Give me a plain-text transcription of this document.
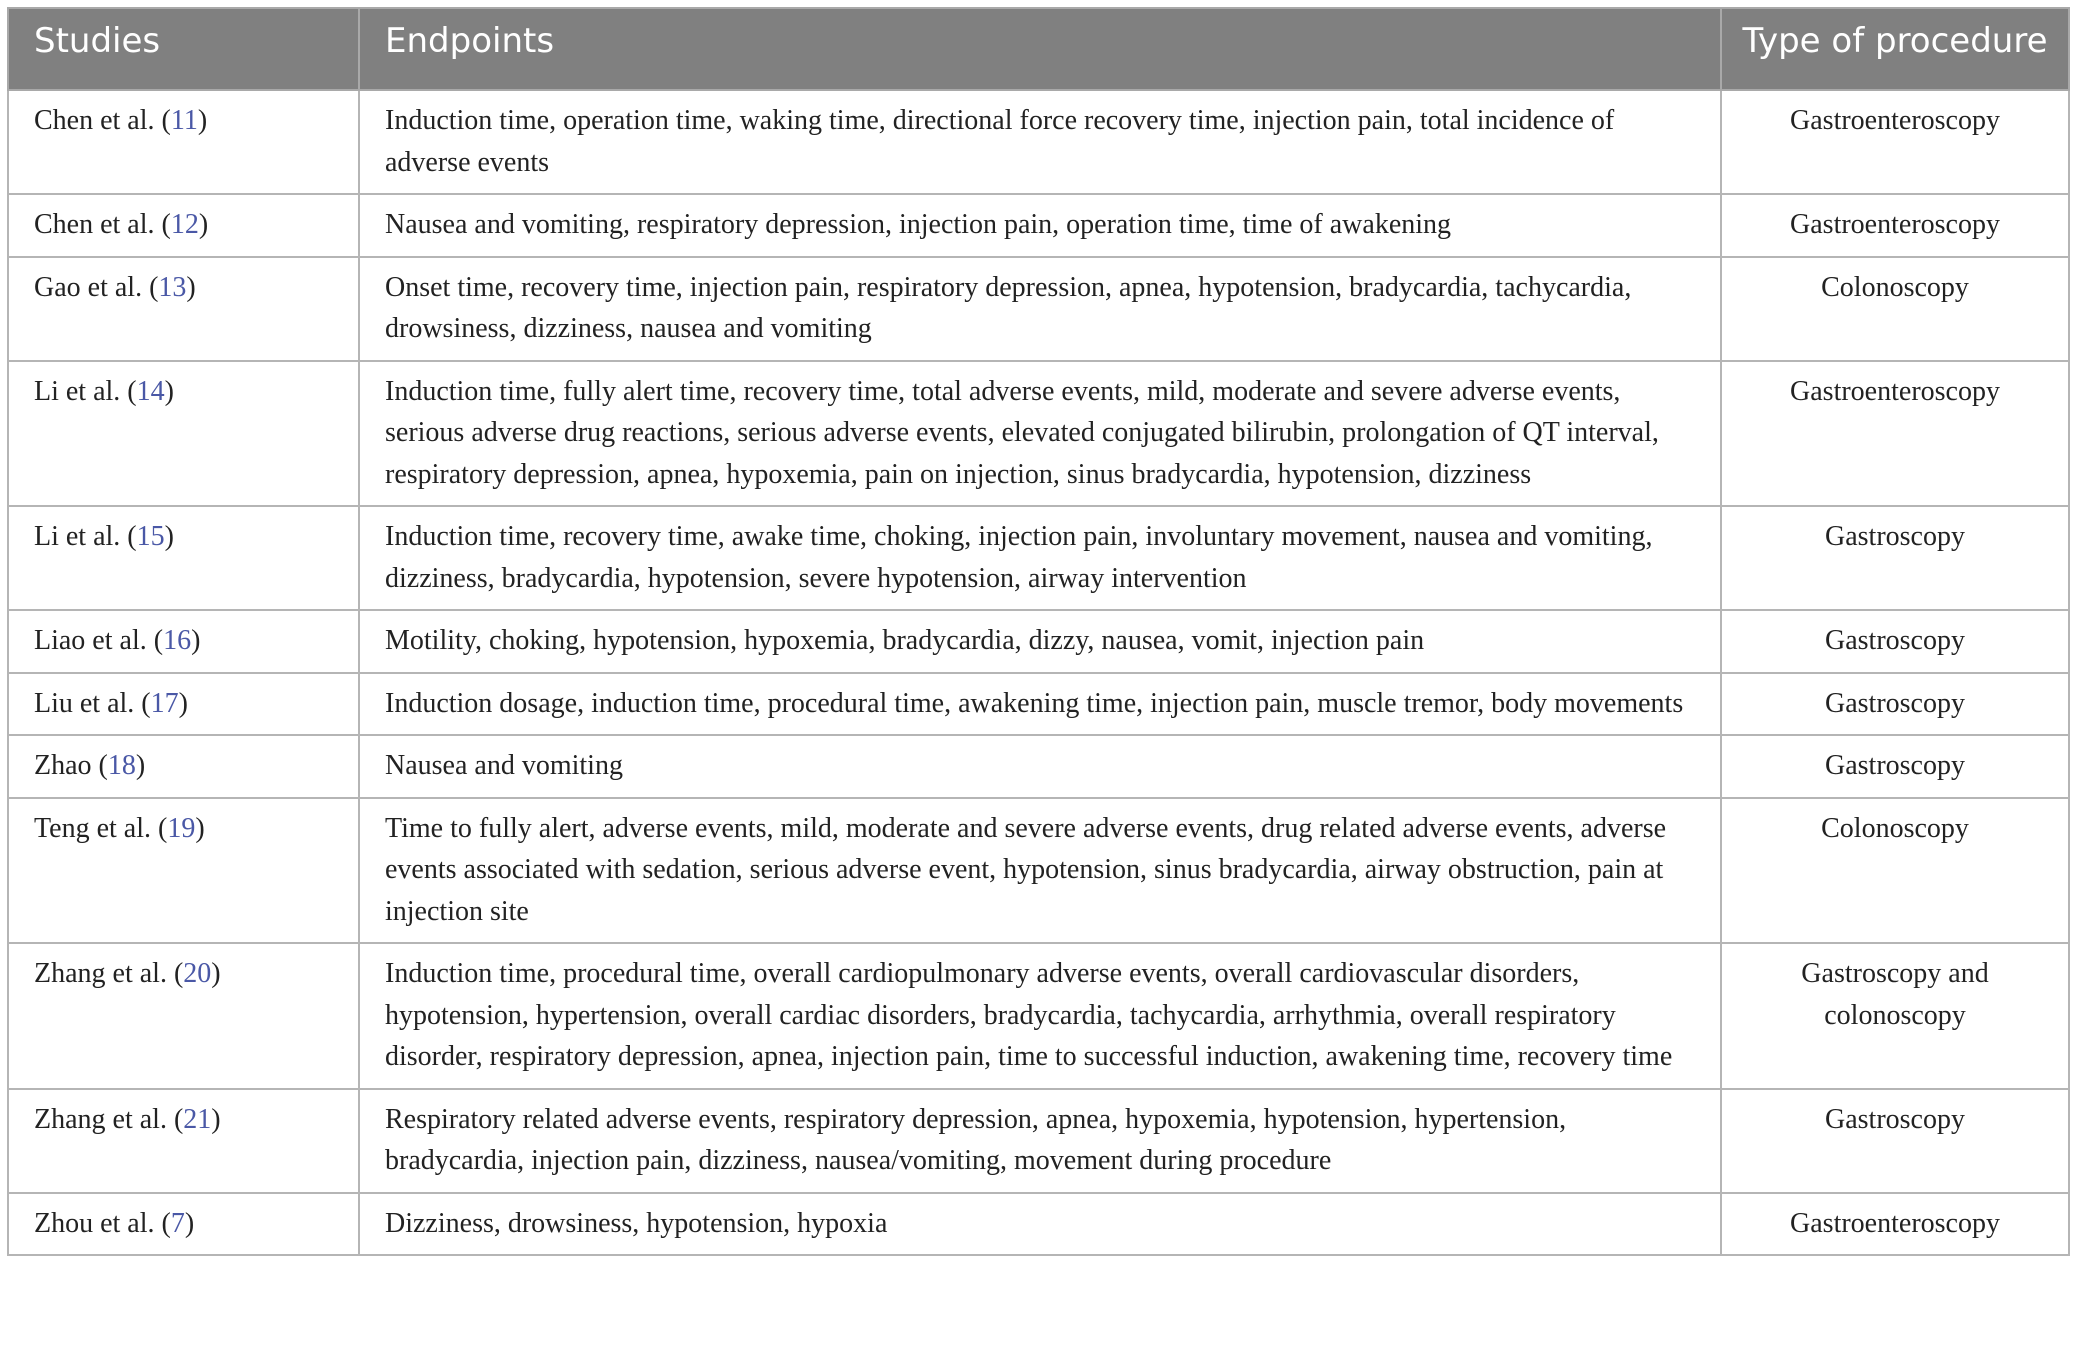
Studies	Endpoints	Type of procedure
Chen et al. (11)	Induction time, operation time, waking time, directional force recovery time, injection pain, total incidence of adverse events	Gastroenteroscopy
Chen et al. (12)	Nausea and vomiting, respiratory depression, injection pain, operation time, time of awakening	Gastroenteroscopy
Gao et al. (13)	Onset time, recovery time, injection pain, respiratory depression, apnea, hypotension, bradycardia, tachycardia, drowsiness, dizziness, nausea and vomiting	Colonoscopy
Li et al. (14)	Induction time, fully alert time, recovery time, total adverse events, mild, moderate and severe adverse events, serious adverse drug reactions, serious adverse events, elevated conjugated bilirubin, prolongation of QT interval, respiratory depression, apnea, hypoxemia, pain on injection, sinus bradycardia, hypotension, dizziness	Gastroenteroscopy
Li et al. (15)	Induction time, recovery time, awake time, choking, injection pain, involuntary movement, nausea and vomiting, dizziness, bradycardia, hypotension, severe hypotension, airway intervention	Gastroscopy
Liao et al. (16)	Motility, choking, hypotension, hypoxemia, bradycardia, dizzy, nausea, vomit, injection pain	Gastroscopy
Liu et al. (17)	Induction dosage, induction time, procedural time, awakening time, injection pain, muscle tremor, body movements	Gastroscopy
Zhao (18)	Nausea and vomiting	Gastroscopy
Teng et al. (19)	Time to fully alert, adverse events, mild, moderate and severe adverse events, drug related adverse events, adverse events associated with sedation, serious adverse event, hypotension, sinus bradycardia, airway obstruction, pain at injection site	Colonoscopy
Zhang et al. (20)	Induction time, procedural time, overall cardiopulmonary adverse events, overall cardiovascular disorders, hypotension, hypertension, overall cardiac disorders, bradycardia, tachycardia, arrhythmia, overall respiratory disorder, respiratory depression, apnea, injection pain, time to successful induction, awakening time, recovery time	Gastroscopy and colonoscopy
Zhang et al. (21)	Respiratory related adverse events, respiratory depression, apnea, hypoxemia, hypotension, hypertension, bradycardia, injection pain, dizziness, nausea/vomiting, movement during procedure	Gastroscopy
Zhou et al. (7)	Dizziness, drowsiness, hypotension, hypoxia	Gastroenteroscopy
